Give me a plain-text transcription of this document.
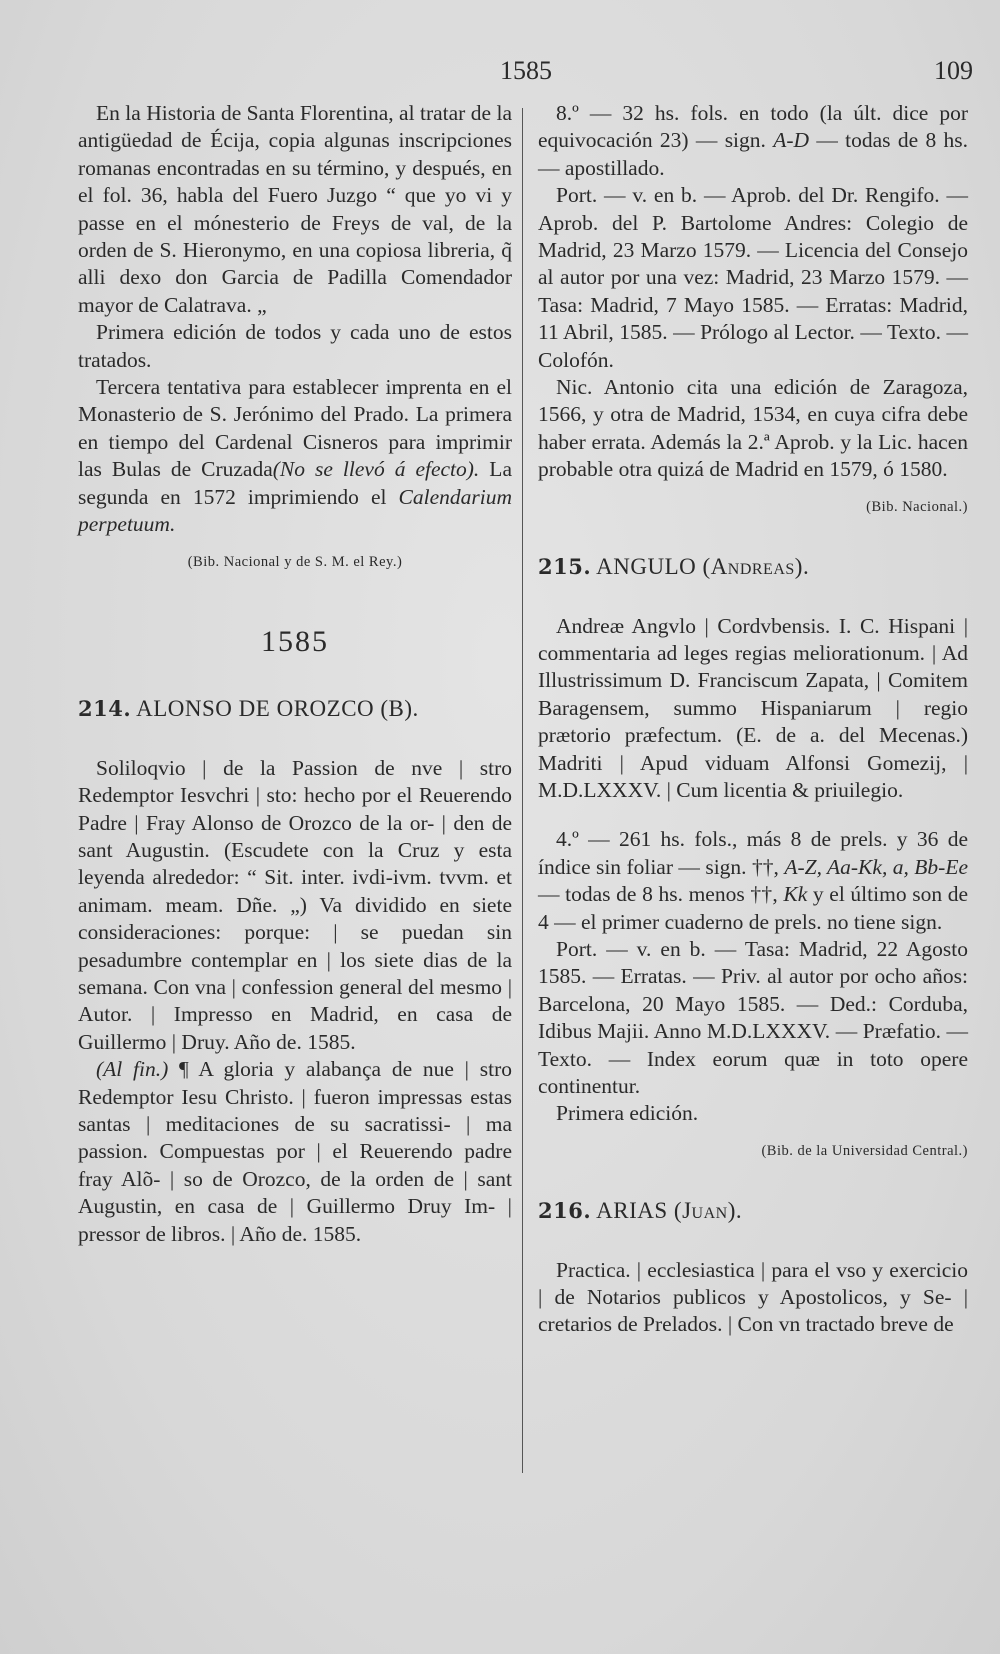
1585	109

En la Historia de Santa Florentina, al tratar de la antigüedad de Écija, copia algunas inscripciones romanas encontradas en su término, y después, en el fol. 36, habla del Fuero Juzgo “ que yo vi y passe en el mónesterio de Freys de val, de la orden de S. Hieronymo, en una copiosa libreria, q̃ alli dexo don Garcia de Padilla Comendador mayor de Calatrava. „

Primera edición de todos y cada uno de estos tratados.

Tercera tentativa para establecer imprenta en el Monasterio de S. Jerónimo del Prado. La primera en tiempo del Cardenal Cisneros para imprimir las Bulas de Cruzada(No se llevó á efecto). La segunda en 1572 imprimiendo el Calendarium perpetuum.

(Bib. Nacional y de S. M. el Rey.)

1585

214. ALONSO DE OROZCO (B).

Soliloqvio | de la Passion de nve | stro Redemptor Iesvchri | sto: hecho por el Reuerendo Padre | Fray Alonso de Orozco de la or- | den de sant Augustin. (Escudete con la Cruz y esta leyenda alrededor: “ Sit. inter. ivdi-ivm. tvvm. et animam. meam. Dñe. „) Va dividido en siete consideraciones: porque: | se puedan sin pesadumbre contemplar en | los siete dias de la semana. Con vna | confession general del mesmo | Autor. | Impresso en Madrid, en casa de Guillermo | Druy. Año de. 1585.

(Al fin.) ¶ A gloria y alabança de nue | stro Redemptor Iesu Christo. | fueron impressas estas santas | meditaciones de su sacratissi- | ma passion. Compuestas por | el Reuerendo padre fray Alõ- | so de Orozco, de la orden de | sant Augustin, en casa de | Guillermo Druy Im- | pressor de libros. | Año de. 1585.

8.º — 32 hs. fols. en todo (la últ. dice por equivocación 23) — sign. A-D — todas de 8 hs. — apostillado.

Port. — v. en b. — Aprob. del Dr. Rengifo. — Aprob. del P. Bartolome Andres: Colegio de Madrid, 23 Marzo 1579. — Licencia del Consejo al autor por una vez: Madrid, 23 Marzo 1579. — Tasa: Madrid, 7 Mayo 1585. — Erratas: Madrid, 11 Abril, 1585. — Prólogo al Lector. — Texto. — Colofón.

Nic. Antonio cita una edición de Zaragoza, 1566, y otra de Madrid, 1534, en cuya cifra debe haber errata. Además la 2.ª Aprob. y la Lic. hacen probable otra quizá de Madrid en 1579, ó 1580.

(Bib. Nacional.)

215. ANGULO (Andreas).

Andreæ Angvlo | Cordvbensis. I. C. Hispani | commentaria ad leges regias meliorationum. | Ad Illustrissimum D. Franciscum Zapata, | Comitem Baragensem, summo Hispaniarum | regio prætorio præfectum. (E. de a. del Mecenas.) Madriti | Apud viduam Alfonsi Gomezij, | M.D.LXXXV. | Cum licentia & priuilegio.

4.º — 261 hs. fols., más 8 de prels. y 36 de índice sin foliar — sign. ††, A-Z, Aa-Kk, a, Bb-Ee — todas de 8 hs. menos ††, Kk y el último son de 4 — el primer cuaderno de prels. no tiene sign.

Port. — v. en b. — Tasa: Madrid, 22 Agosto 1585. — Erratas. — Priv. al autor por ocho años: Barcelona, 20 Mayo 1585. — Ded.: Corduba, Idibus Majii. Anno M.D.LXXXV. — Præfatio. — Texto. — Index eorum quæ in toto opere continentur.

Primera edición.

(Bib. de la Universidad Central.)

216. ARIAS (Juan).

Practica. | ecclesiastica | para el vso y exercicio | de Notarios publicos y Apostolicos, y Se- | cretarios de Prelados. | Con vn tractado breve de
